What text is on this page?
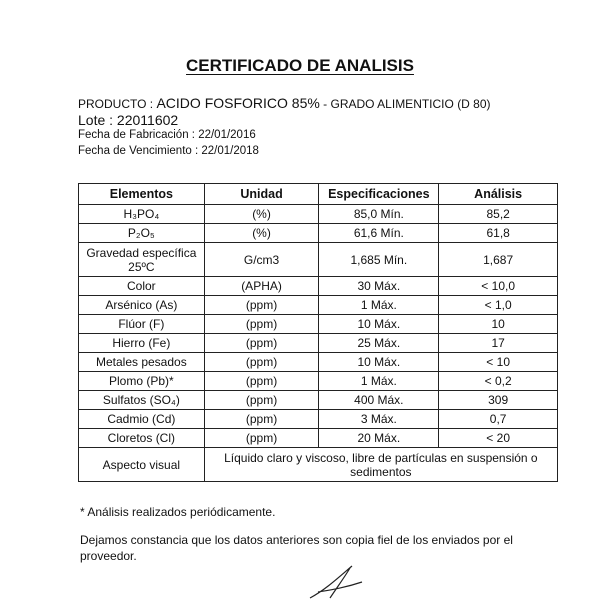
CERTIFICADO DE ANALISIS
PRODUCTO : ACIDO FOSFORICO 85% - GRADO ALIMENTICIO (D 80)
Lote : 22011602
Fecha de Fabricación : 22/01/2016
Fecha de Vencimiento : 22/01/2018
Elementos	Unidad	Especificaciones	Análisis
H₃PO₄	(%)	85,0 Mín.	85,2
P₂O₅	(%)	61,6 Mín.	61,8
Gravedad específica 25ºC	G/cm3	1,685 Mín.	1,687
Color	(APHA)	30 Máx.	< 10,0
Arsénico (As)	(ppm)	1 Máx.	< 1,0
Flúor (F)	(ppm)	10 Máx.	10
Hierro (Fe)	(ppm)	25 Máx.	17
Metales pesados	(ppm)	10 Máx.	< 10
Plomo (Pb)*	(ppm)	1 Máx.	< 0,2
Sulfatos (SO₄)	(ppm)	400 Máx.	309
Cadmio (Cd)	(ppm)	3 Máx.	0,7
Cloretos (Cl)	(ppm)	20 Máx.	< 20
Aspecto visual	Líquido claro y viscoso, libre de partículas en suspensión o sedimentos		
* Análisis realizados periódicamente.
Dejamos constancia que los datos anteriores son copia fiel de los enviados por el proveedor.
